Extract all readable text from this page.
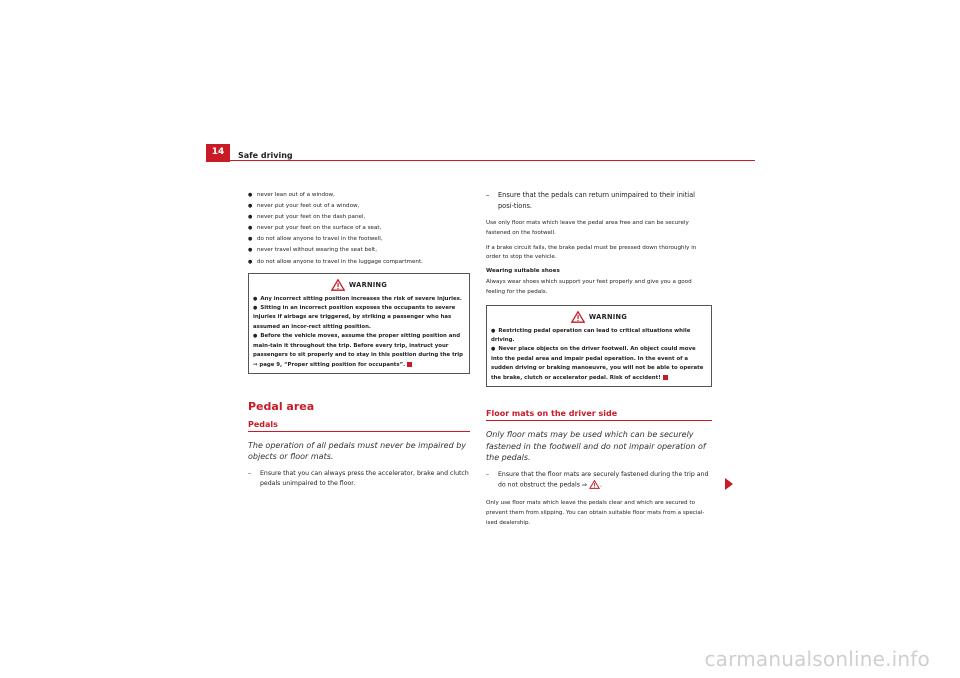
14	Safe driving
● never lean out of a window,
● never put your feet out of a window,
● never put your feet on the dash panel,
● never put your feet on the surface of a seat,
● do not allow anyone to travel in the footwell,
● never travel without wearing the seat belt,
● do not allow anyone to travel in the luggage compartment.
WARNING
● Any incorrect sitting position increases the risk of severe injuries.
● Sitting in an incorrect position exposes the occupants to severe injuries if airbags are triggered, by striking a passenger who has assumed an incor-rect sitting position.
● Before the vehicle moves, assume the proper sitting position and main-tain it throughout the trip. Before every trip, instruct your passengers to sit properly and to stay in this position during the trip ⇒ page 9, “Proper sitting position for occupants”.
Pedal area
Pedals
The operation of all pedals must never be impaired by objects or floor mats.
– Ensure that you can always press the accelerator, brake and clutch pedals unimpaired to the floor.
– Ensure that the pedals can return unimpaired to their initial posi-tions.
Use only floor mats which leave the pedal area free and can be securely fastened on the footwell.
If a brake circuit fails, the brake pedal must be pressed down thoroughly in order to stop the vehicle.
Wearing suitable shoes
Always wear shoes which support your feet properly and give you a good feeling for the pedals.
WARNING
● Restricting pedal operation can lead to critical situations while driving.
● Never place objects on the driver footwell. An object could move into the pedal area and impair pedal operation. In the event of a sudden driving or braking manoeuvre, you will not be able to operate the brake, clutch or accelerator pedal. Risk of accident!
Floor mats on the driver side
Only floor mats may be used which can be securely fastened in the footwell and do not impair operation of the pedals.
– Ensure that the floor mats are securely fastened during the trip and do not obstruct the pedals ⇒ .
Only use floor mats which leave the pedals clear and which are secured to prevent them from slipping. You can obtain suitable floor mats from a special-ised dealership.
carmanualsonline.info
